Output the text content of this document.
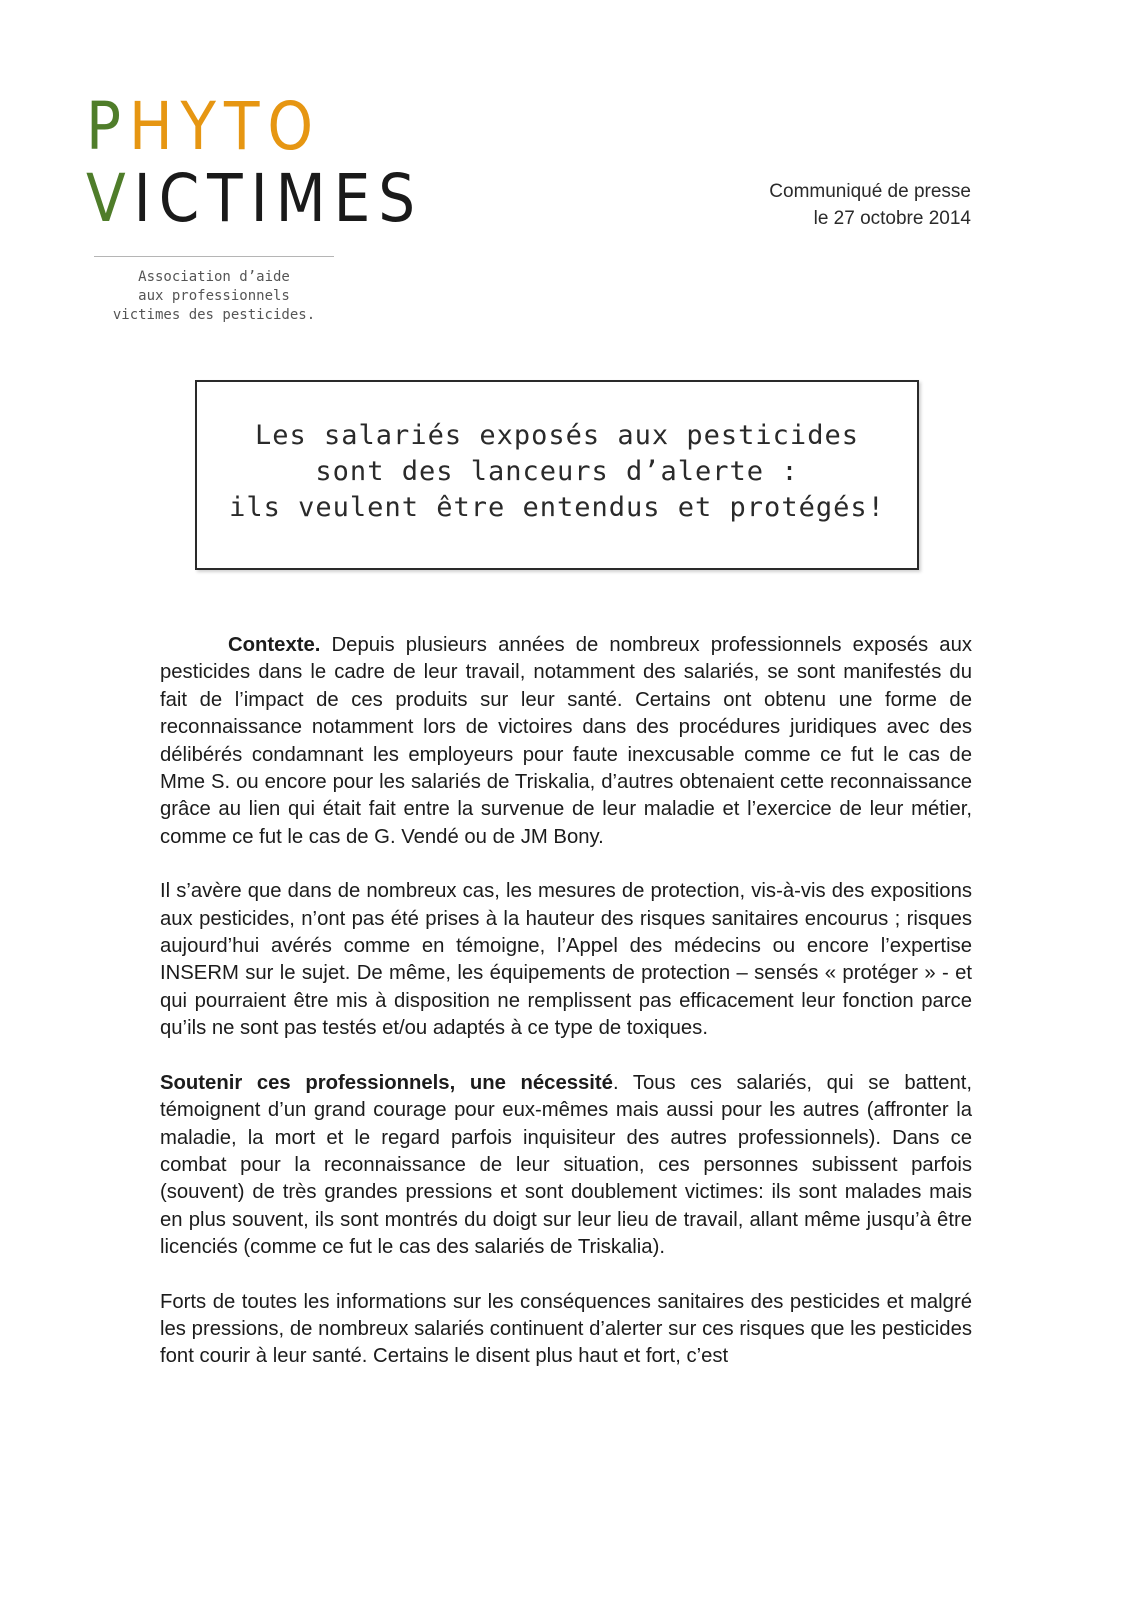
PHYTO
VICTIMES
Association d’aide
aux professionnels
victimes des pesticides.
Communiqué de presse
le 27 octobre 2014
Les salariés exposés aux pesticides
sont des lanceurs d’alerte :
ils veulent être entendus et protégés!

Contexte. Depuis plusieurs années de nombreux professionnels exposés aux pesticides dans le cadre de leur travail, notamment des salariés, se sont manifestés du fait de l’impact de ces produits sur leur santé. Certains ont obtenu une forme de reconnaissance notamment lors de victoires dans des procédures juridiques avec des délibérés condamnant les employeurs pour faute inexcusable comme ce fut le cas de Mme S. ou encore pour les salariés de Triskalia, d’autres obtenaient cette reconnaissance grâce au lien qui était fait entre la survenue de leur maladie et l’exercice de leur métier, comme ce fut le cas de G. Vendé ou de JM Bony.

Il s’avère que dans de nombreux cas, les mesures de protection, vis-à-vis des expositions aux pesticides, n’ont pas été prises à la hauteur des risques sanitaires encourus ; risques aujourd’hui avérés comme en témoigne, l’Appel des médecins ou encore l’expertise INSERM sur le sujet. De même, les équipements de protection – sensés « protéger » - et qui pourraient être mis à disposition ne remplissent pas efficacement leur fonction parce qu’ils ne sont pas testés et/ou adaptés à ce type de toxiques.

Soutenir ces professionnels, une nécessité. Tous ces salariés, qui se battent, témoignent d’un grand courage pour eux-mêmes mais aussi pour les autres (affronter la maladie, la mort et le regard parfois inquisiteur des autres professionnels). Dans ce combat pour la reconnaissance de leur situation, ces personnes subissent parfois (souvent) de très grandes pressions et sont doublement victimes: ils sont malades mais en plus souvent, ils sont montrés du doigt sur leur lieu de travail, allant même jusqu’à être licenciés (comme ce fut le cas des salariés de Triskalia).

Forts de toutes les informations sur les conséquences sanitaires des pesticides et malgré les pressions, de nombreux salariés continuent d’alerter sur ces risques que les pesticides font courir à leur santé. Certains le disent plus haut et fort, c’est
